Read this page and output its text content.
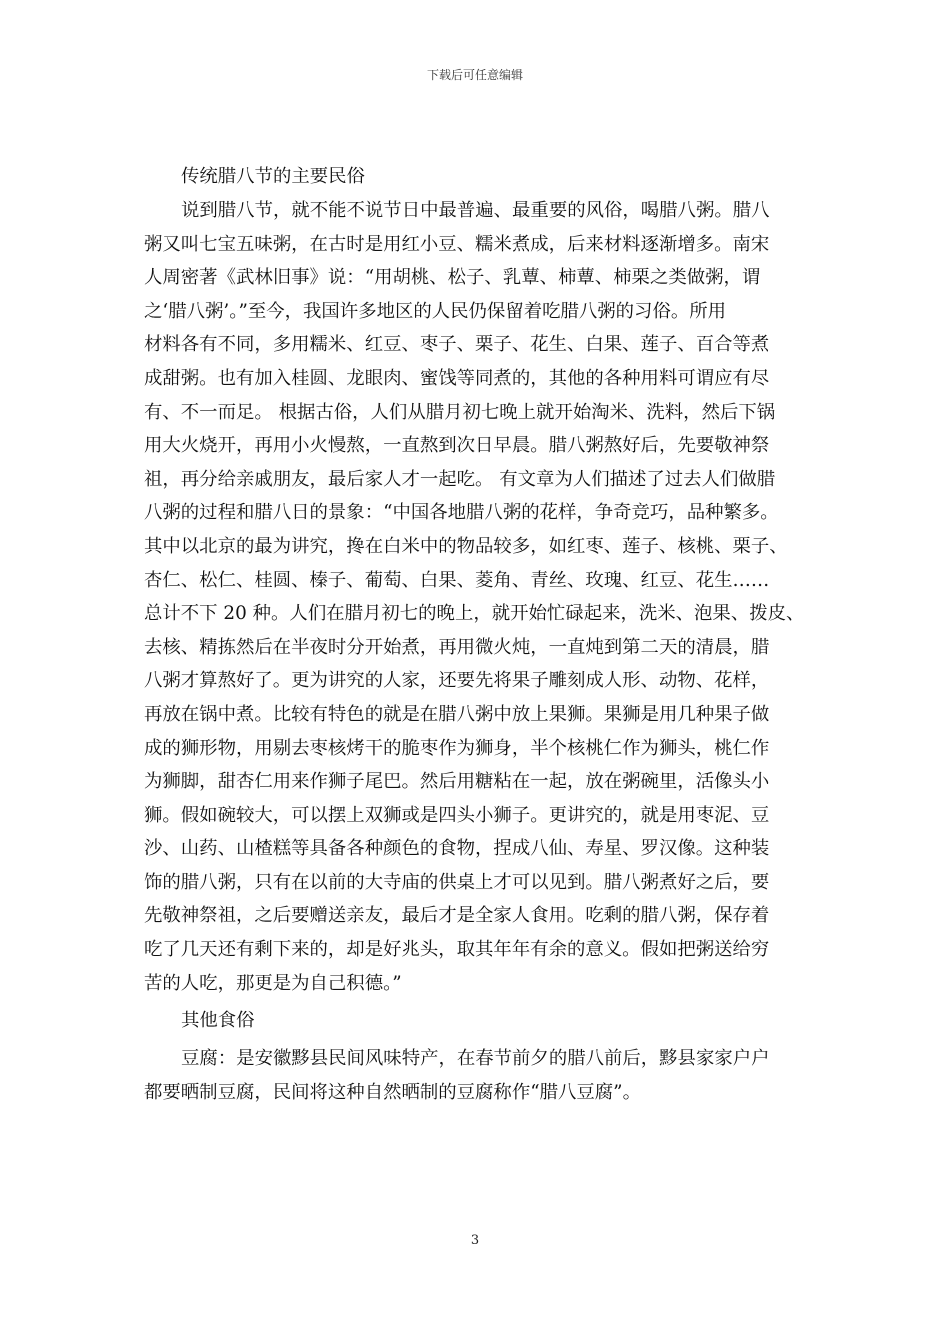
下载后可任意编辑
传统腊八节的主要民俗
说到腊八节，就不能不说节日中最普遍、最重要的风俗，喝腊八粥。腊八
粥又叫七宝五味粥，在古时是用红小豆、糯米煮成，后来材料逐渐增多。南宋
人周密著《武林旧事》说：“用胡桃、松子、乳蕈、柿蕈、柿栗之类做粥，谓
之‘腊八粥’。”至今，我国许多地区的人民仍保留着吃腊八粥的习俗。所用
材料各有不同，多用糯米、红豆、枣子、栗子、花生、白果、莲子、百合等煮
成甜粥。也有加入桂圆、龙眼肉、蜜饯等同煮的，其他的各种用料可谓应有尽
有、不一而足。 根据古俗，人们从腊月初七晚上就开始淘米、洗料，然后下锅
用大火烧开，再用小火慢熬，一直熬到次日早晨。腊八粥熬好后，先要敬神祭
祖，再分给亲戚朋友，最后家人才一起吃。 有文章为人们描述了过去人们做腊
八粥的过程和腊八日的景象：“中国各地腊八粥的花样，争奇竞巧，品种繁多。
其中以北京的最为讲究，搀在白米中的物品较多，如红枣、莲子、核桃、栗子、
杏仁、松仁、桂圆、榛子、葡萄、白果、菱角、青丝、玫瑰、红豆、花生……
总计不下 20 种。人们在腊月初七的晚上，就开始忙碌起来，洗米、泡果、拨皮、
去核、精拣然后在半夜时分开始煮，再用微火炖，一直炖到第二天的清晨，腊
八粥才算熬好了。更为讲究的人家，还要先将果子雕刻成人形、动物、花样，
再放在锅中煮。比较有特色的就是在腊八粥中放上果狮。果狮是用几种果子做
成的狮形物，用剔去枣核烤干的脆枣作为狮身，半个核桃仁作为狮头，桃仁作
为狮脚，甜杏仁用来作狮子尾巴。然后用糖粘在一起，放在粥碗里，活像头小
狮。假如碗较大，可以摆上双狮或是四头小狮子。更讲究的，就是用枣泥、豆
沙、山药、山楂糕等具备各种颜色的食物，捏成八仙、寿星、罗汉像。这种装
饰的腊八粥，只有在以前的大寺庙的供桌上才可以见到。腊八粥煮好之后，要
先敬神祭祖，之后要赠送亲友，最后才是全家人食用。吃剩的腊八粥，保存着
吃了几天还有剩下来的，却是好兆头，取其年年有余的意义。假如把粥送给穷
苦的人吃，那更是为自己积德。”
其他食俗
豆腐：是安徽黟县民间风味特产，在春节前夕的腊八前后，黟县家家户户
都要晒制豆腐，民间将这种自然晒制的豆腐称作“腊八豆腐”。
3
